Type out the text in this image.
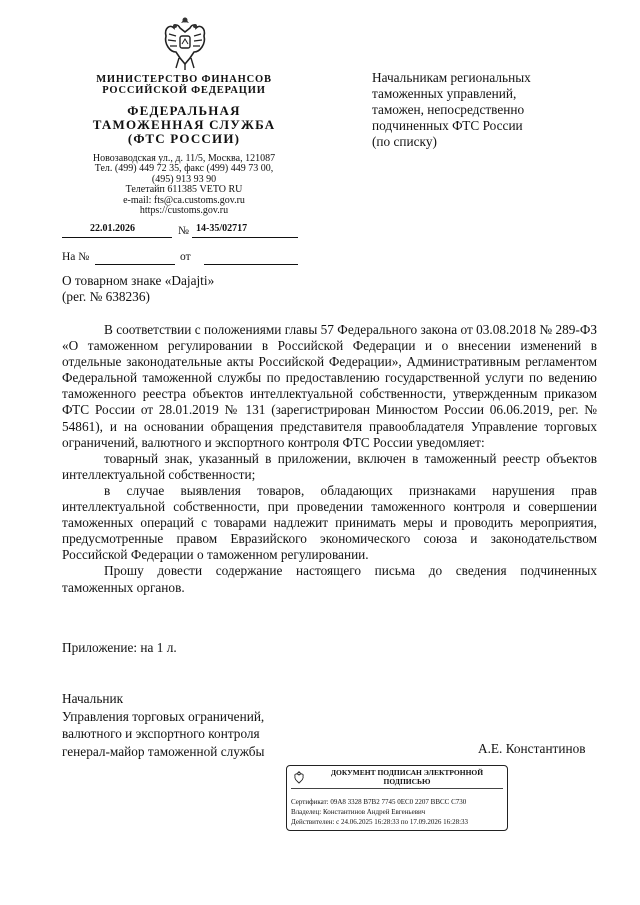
МИНИСТЕРСТВО ФИНАНСОВ
РОССИЙСКОЙ ФЕДЕРАЦИИ
ФЕДЕРАЛЬНАЯ
ТАМОЖЕННАЯ СЛУЖБА
(ФТС РОССИИ)
Новозаводская ул., д. 11/5, Москва, 121087
Тел. (499) 449 72 35, факс (499) 449 73 00,
(495) 913 93 90
Телетайп 611385 VETO RU
e-mail: fts@ca.customs.gov.ru
https://customs.gov.ru
22.01.2026	№ 14-35/02717
На №	от
Начальникам региональных
таможенных управлений,
таможен, непосредственно
подчиненных ФТС России
(по списку)
О товарном знаке «Dajajti»
(рег. № 638236)

В соответствии с положениями главы 57 Федерального закона от 03.08.2018 № 289-ФЗ «О таможенном регулировании в Российской Федерации и о внесении изменений в отдельные законодательные акты Российской Федерации», Административным регламентом Федеральной таможенной службы по предоставлению государственной услуги по ведению таможенного реестра объектов интеллектуальной собственности, утвержденным приказом ФТС России от 28.01.2019 № 131 (зарегистрирован Минюстом России 06.06.2019, рег. № 54861), и на основании обращения представителя правообладателя Управление торговых ограничений, валютного и экспортного контроля ФТС России уведомляет:

товарный знак, указанный в приложении, включен в таможенный реестр объектов интеллектуальной собственности;

в случае выявления товаров, обладающих признаками нарушения прав интеллектуальной собственности, при проведении таможенного контроля и совершении таможенных операций с товарами надлежит принимать меры и проводить мероприятия, предусмотренные правом Евразийского экономического союза и законодательством Российской Федерации о таможенном регулировании.

Прошу довести содержание настоящего письма до сведения подчиненных таможенных органов.

Приложение: на 1 л.
Начальник
Управления торговых ограничений,
валютного и экспортного контроля
генерал-майор таможенной службы	А.Е. Константинов
ДОКУМЕНТ ПОДПИСАН ЭЛЕКТРОННОЙ ПОДПИСЬЮ
Сертификат: 09A8 3328 B7B2 7745 0EC0 2207 BBCC C730
Владелец: Константинов Андрей Евгеньевич
Действителен: с 24.06.2025 16:28:33 по 17.09.2026 16:28:33
